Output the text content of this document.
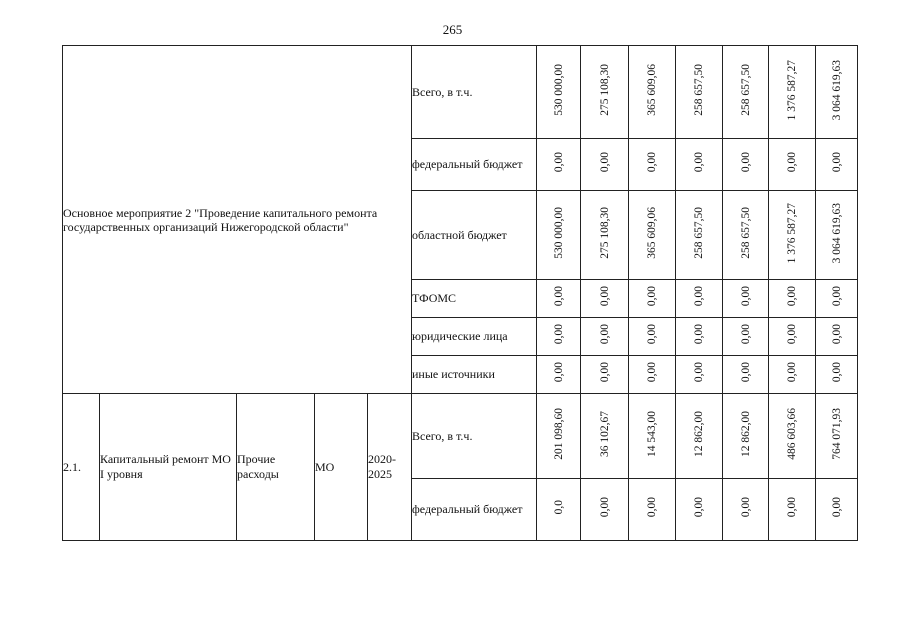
265
Основное мероприятие 2 "Проведение капитального ремонта государственных организаций Нижегородской области"					Всего, в т.ч.	530 000,00	275 108,30	365 609,06	258 657,50	258 657,50	1 376 587,27	3 064 619,63
					федеральный бюджет	0,00	0,00	0,00	0,00	0,00	0,00	0,00
					областной бюджет	530 000,00	275 108,30	365 609,06	258 657,50	258 657,50	1 376 587,27	3 064 619,63
					ТФОМС	0,00	0,00	0,00	0,00	0,00	0,00	0,00
					юридические лица	0,00	0,00	0,00	0,00	0,00	0,00	0,00
					иные источники	0,00	0,00	0,00	0,00	0,00	0,00	0,00
2.1.	Капитальный ремонт МО I уровня	Прочие расходы	МО	2020-2025	Всего, в т.ч.	201 098,60	36 102,67	14 543,00	12 862,00	12 862,00	486 603,66	764 071,93
					федеральный бюджет	0,0	0,00	0,00	0,00	0,00	0,00	0,00
